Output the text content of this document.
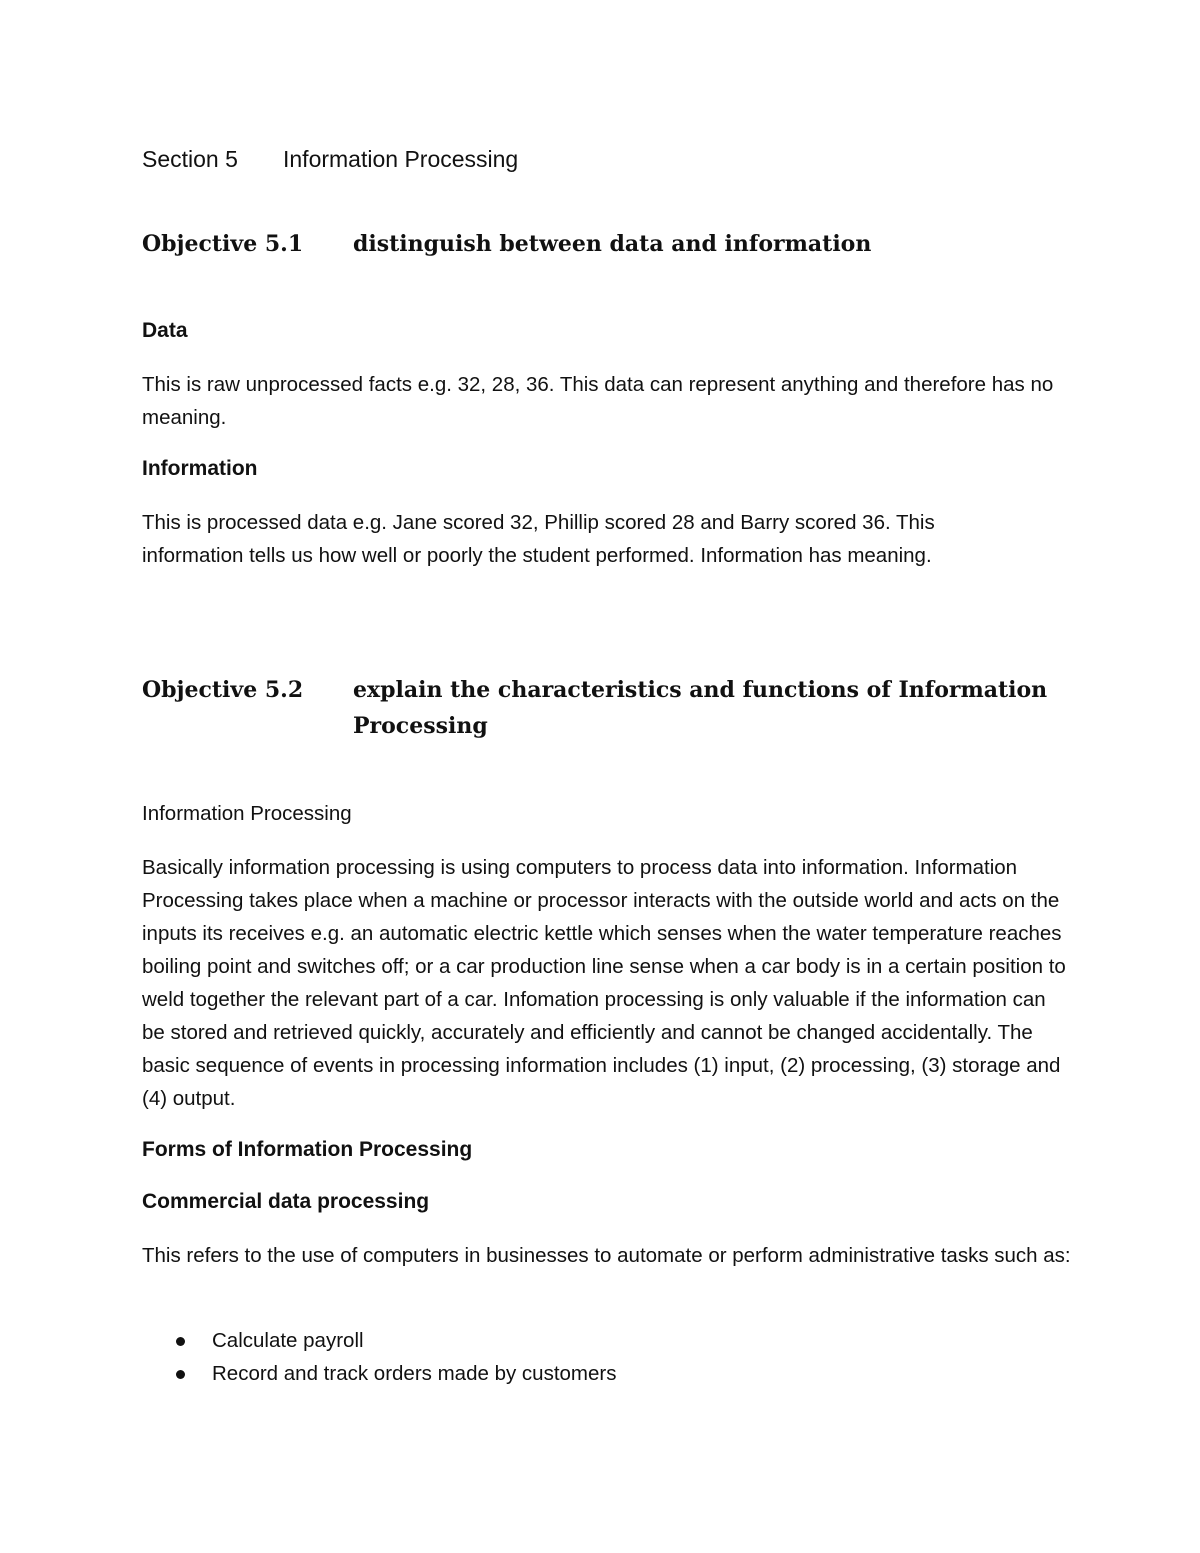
Section 5 Information Processing

Objective 5.1 distinguish between data and information

Data

This is raw unprocessed facts e.g. 32, 28, 36. This data can represent anything and therefore has no meaning.

Information

This is processed data e.g. Jane scored 32, Phillip scored 28 and Barry scored 36. This information tells us how well or poorly the student performed. Information has meaning.

Objective 5.2 explain the characteristics and functions of Information Processing

Information Processing

Basically information processing is using computers to process data into information. Information Processing takes place when a machine or processor interacts with the outside world and acts on the inputs its receives e.g. an automatic electric kettle which senses when the water temperature reaches boiling point and switches off; or a car production line sense when a car body is in a certain position to weld together the relevant part of a car. Infomation processing is only valuable if the information can be stored and retrieved quickly, accurately and efficiently and cannot be changed accidentally. The basic sequence of events in processing information includes (1) input, (2) processing, (3) storage and (4) output.

Forms of Information Processing

Commercial data processing

This refers to the use of computers in businesses to automate or perform administrative tasks such as:

Calculate payroll
Record and track orders made by customers
